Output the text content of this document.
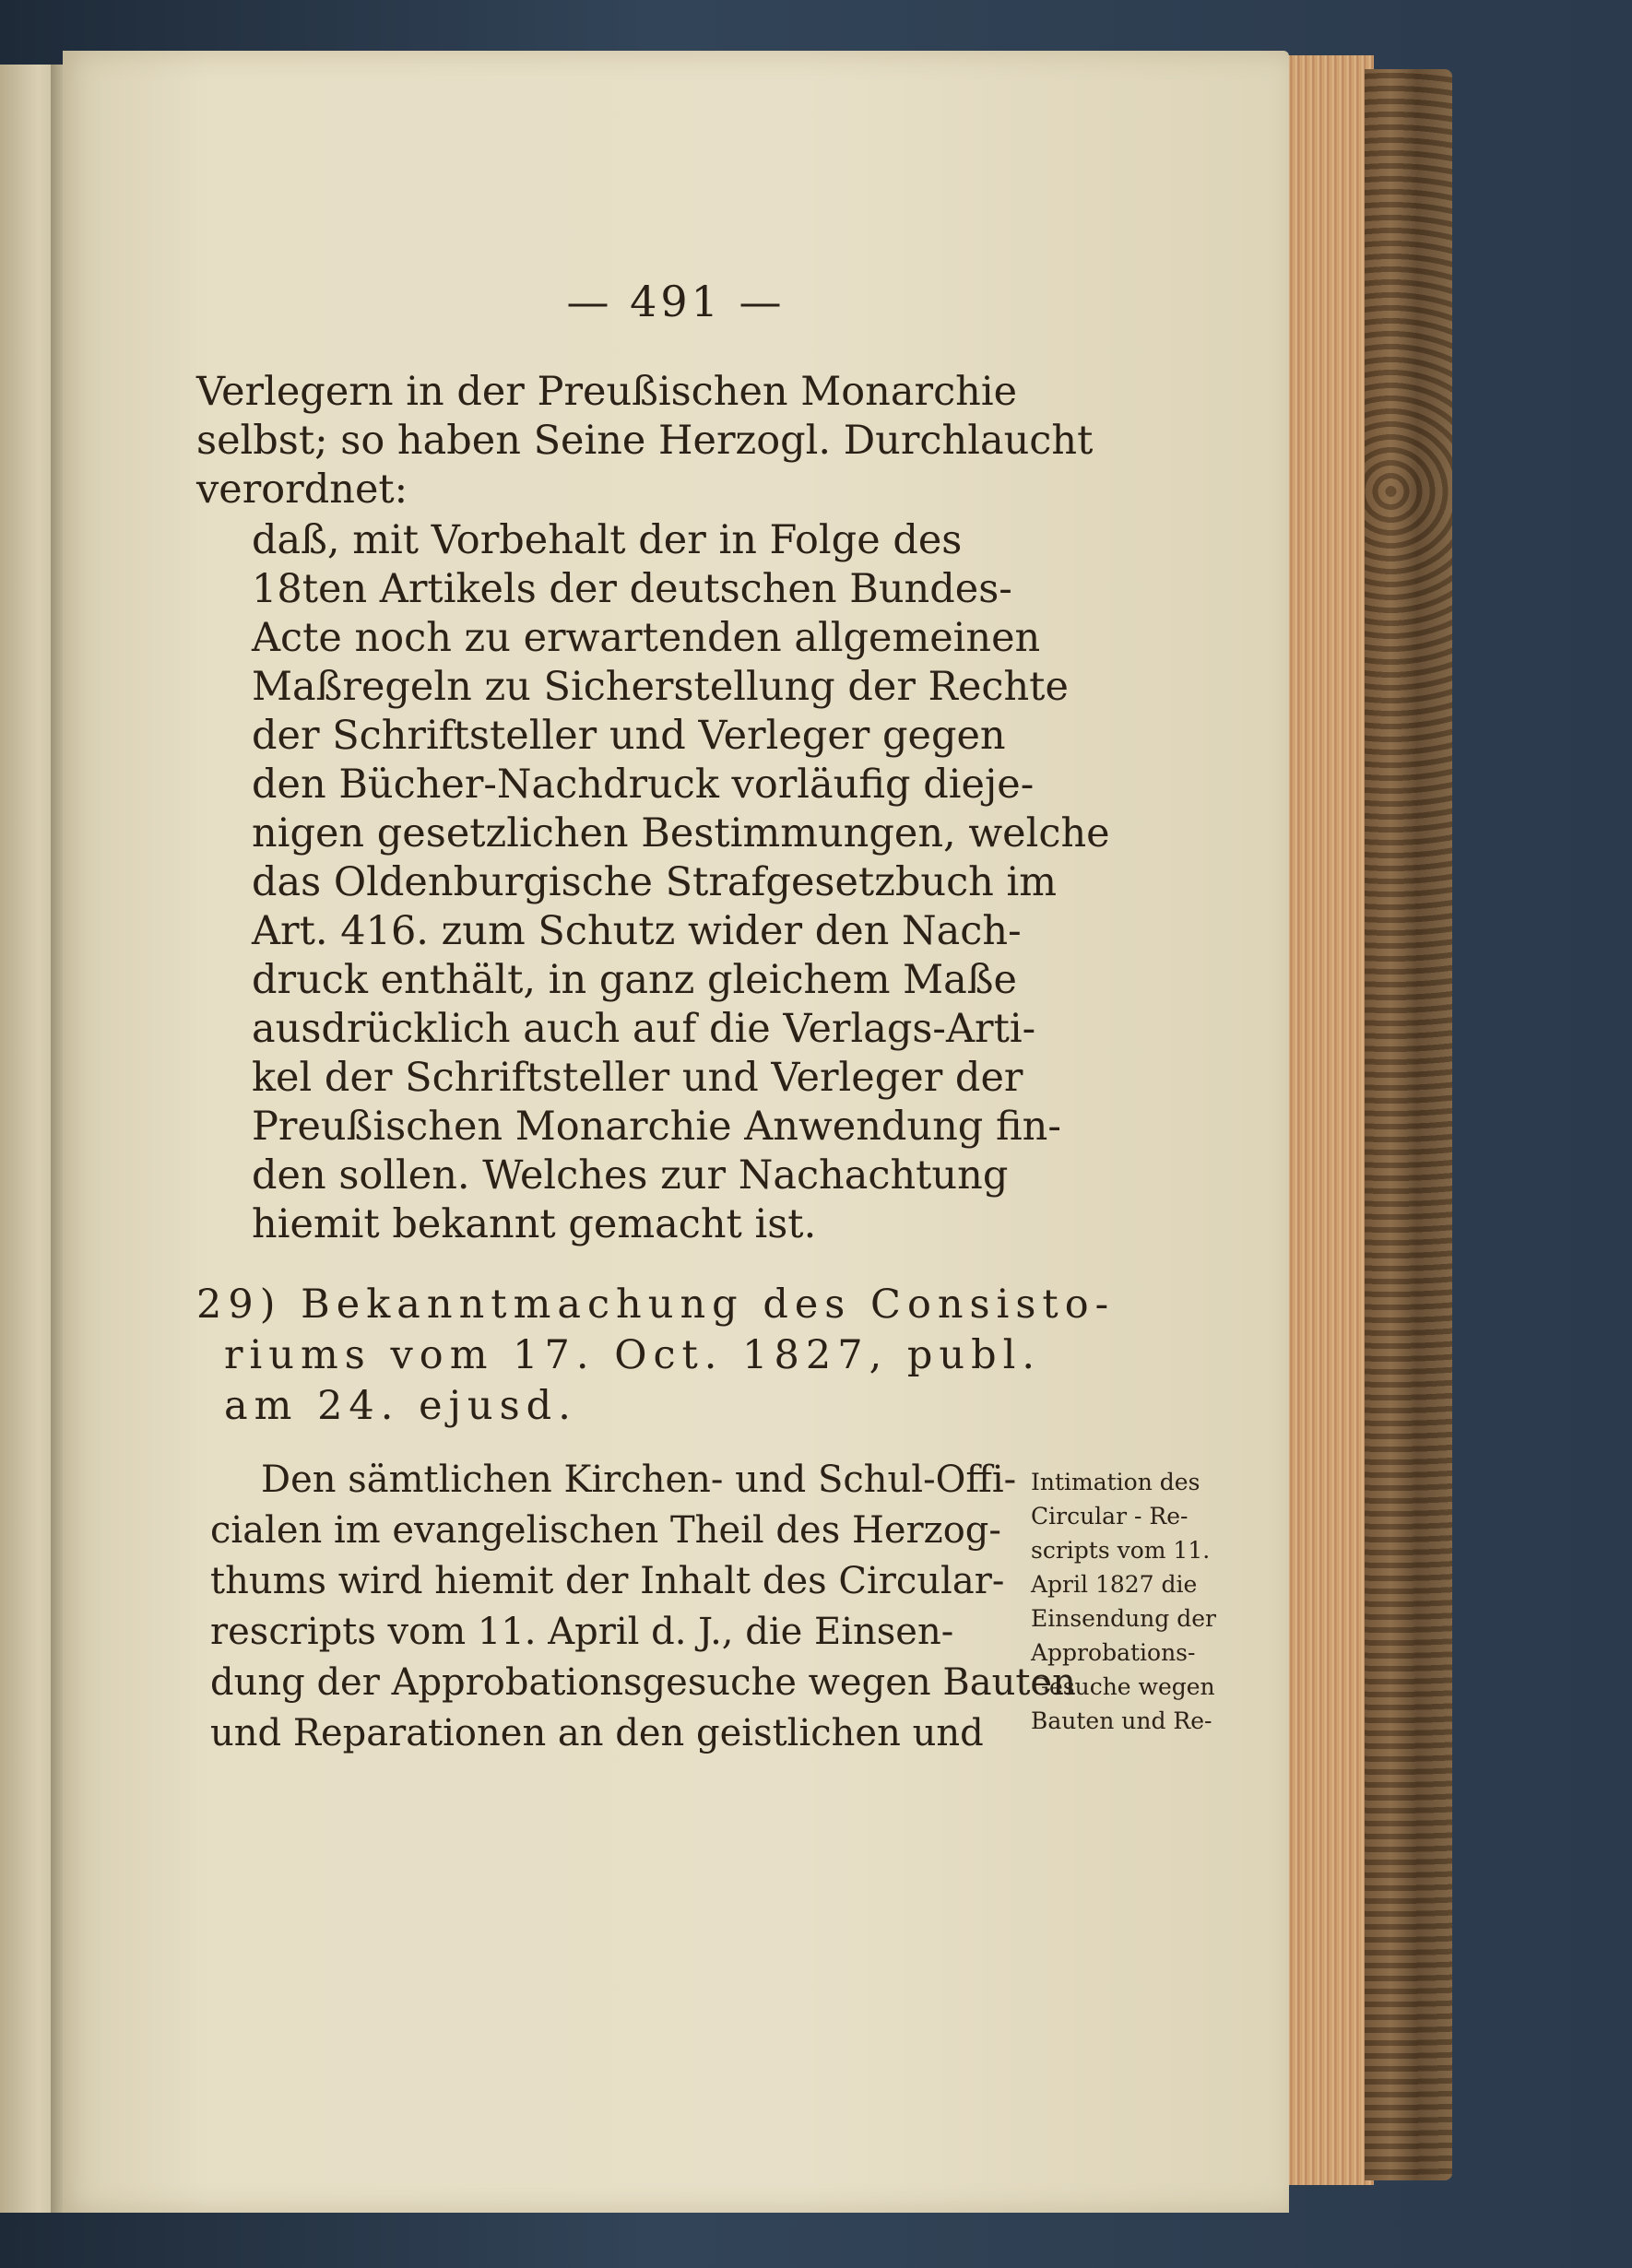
— 491 —
Verlegern in der Preußischen Monarchie
selbst; so haben Seine Herzogl. Durchlaucht
verordnet:
daß, mit Vorbehalt der in Folge des
18ten Artikels der deutschen Bundes-
Acte noch zu erwartenden allgemeinen
Maßregeln zu Sicherstellung der Rechte
der Schriftsteller und Verleger gegen
den Bücher-Nachdruck vorläufig dieje-
nigen gesetzlichen Bestimmungen, welche
das Oldenburgische Strafgesetzbuch im
Art. 416. zum Schutz wider den Nach-
druck enthält, in ganz gleichem Maße
ausdrücklich auch auf die Verlags-Arti-
kel der Schriftsteller und Verleger der
Preußischen Monarchie Anwendung fin-
den sollen. Welches zur Nachachtung
hiemit bekannt gemacht ist.
29) Bekanntmachung des Consisto-
riums vom 17. Oct. 1827, publ.
am 24. ejusd.
Den sämtlichen Kirchen- und Schul-Offi-
cialen im evangelischen Theil des Herzog-
thums wird hiemit der Inhalt des Circular-
rescripts vom 11. April d. J., die Einsen-
dung der Approbationsgesuche wegen Bauten
und Reparationen an den geistlichen und
Intimation des
Circular - Re-
scripts vom 11.
April 1827 die
Einsendung der
Approbations-
Gesuche wegen
Bauten und Re-
